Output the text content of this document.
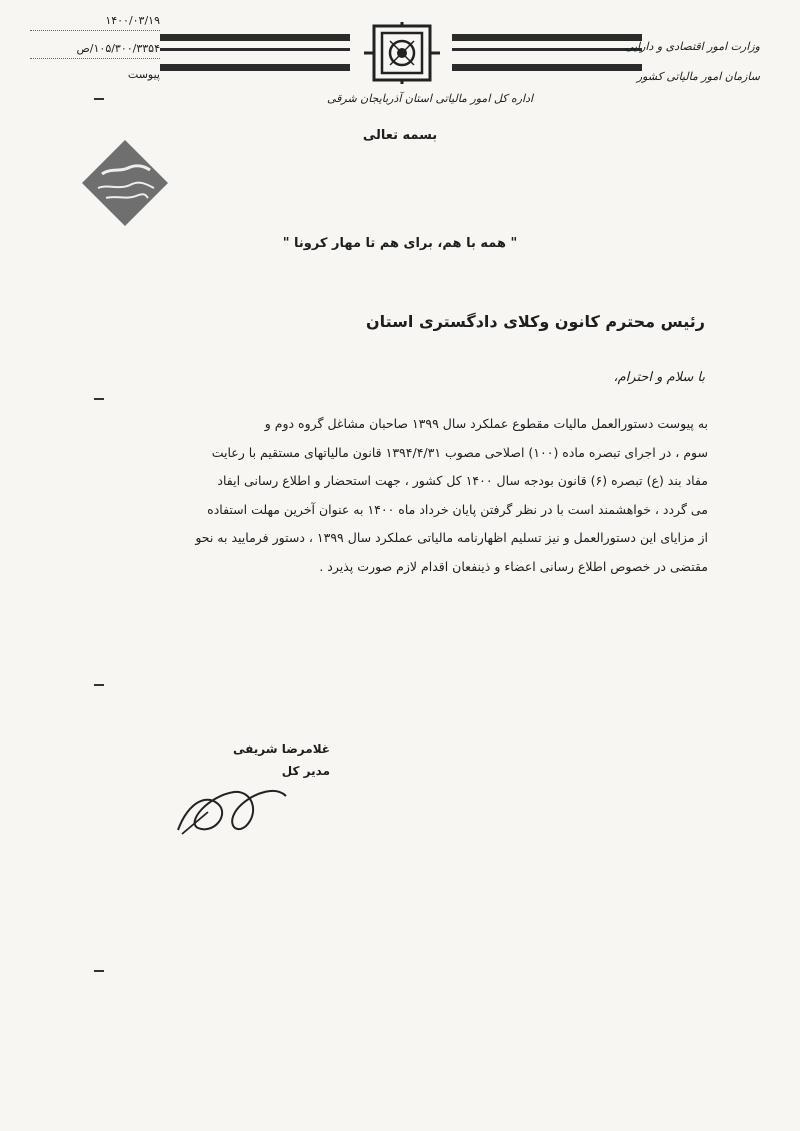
وزارت امور اقتصادی و دارایی
سازمان امور مالیاتی کشور
اداره کل امور مالیاتی استان آذربایجان شرقی
۱۴۰۰/۰۳/۱۹
۱۰۵/۳۰۰/۳۳۵۴/ص
پیوست
بسمه تعالی
" همه با هم، برای هم تا مهار کرونا "
رئیس محترم کانون وکلای دادگستری استان
با سلام و احترام،

به پیوست دستورالعمل مالیات مقطوع عملکرد سال ۱۳۹۹ صاحبان مشاغل گروه دوم و

سوم ، در اجرای تبصره ماده (۱۰۰) اصلاحی مصوب ۱۳۹۴/۴/۳۱ قانون مالیاتهای مستقیم با رعایت

مفاد بند (ع) تبصره (۶) قانون بودجه سال ۱۴۰۰ کل کشور ، جهت استحضار و اطلاع رسانی ایفاد

می گردد ، خواهشمند است با در نظر گرفتن پایان خرداد ماه ۱۴۰۰ به عنوان آخرین مهلت استفاده

از مزایای این دستورالعمل و نیز تسلیم اظهارنامه مالیاتی عملکرد سال ۱۳۹۹ ، دستور فرمایید به نحو

مقتضی در خصوص اطلاع رسانی اعضاء و ذینفعان اقدام لازم صورت پذیرد .

غلامرضا شریفی
مدیر کل
